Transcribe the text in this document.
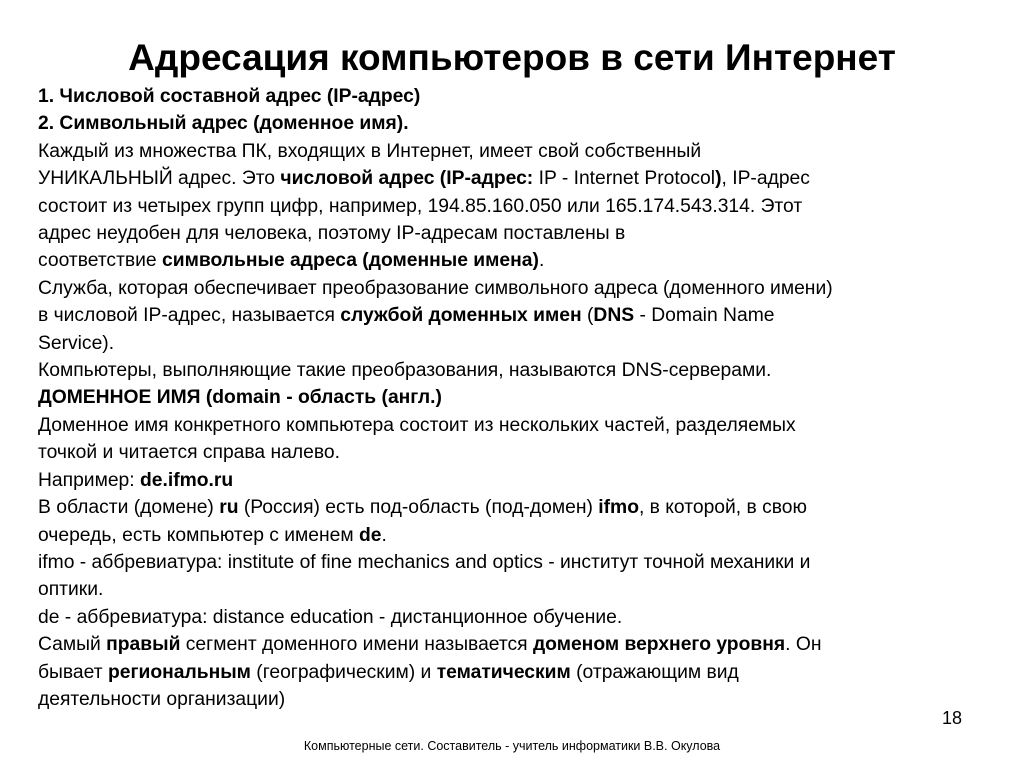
Адресация компьютеров в сети Интернет
1. Числовой составной адрес (IP-адрес)
2. Символьный адрес (доменное имя).
Каждый из множества ПК, входящих в Интернет, имеет свой собственный
УНИКАЛЬНЫЙ адрес. Это числовой адрес (IP-адрес: IP - Internet Protocol), IP-адрес
состоит из четырех групп цифр, например, 194.85.160.050 или 165.174.543.314. Этот
адрес неудобен для человека, поэтому IP-адресам поставлены в
соответствие символьные адреса (доменные имена).
Служба, которая обеспечивает преобразование символьного адреса (доменного имени)
в числовой IP-адрес, называется службой доменных имен (DNS - Domain Name
Service).
Компьютеры, выполняющие такие преобразования, называются DNS-серверами.
ДОМЕННОЕ ИМЯ (domain - область (англ.)
Доменное имя конкретного компьютера состоит из нескольких частей, разделяемых
точкой и читается справа налево.
Например: de.ifmo.ru
В области (домене) ru (Россия) есть под-область (под-домен) ifmo, в которой, в свою
очередь, есть компьютер с именем de.
ifmo - аббревиатура: institute of fine mechanics and optics - институт точной механики и
оптики.
de - аббревиатура: distance education - дистанционное обучение.
Самый правый сегмент доменного имени называется доменом верхнего уровня. Он
бывает региональным (географическим) и тематическим (отражающим вид
деятельности организации)
18
Компьютерные сети. Составитель - учитель информатики В.В. Окулова
